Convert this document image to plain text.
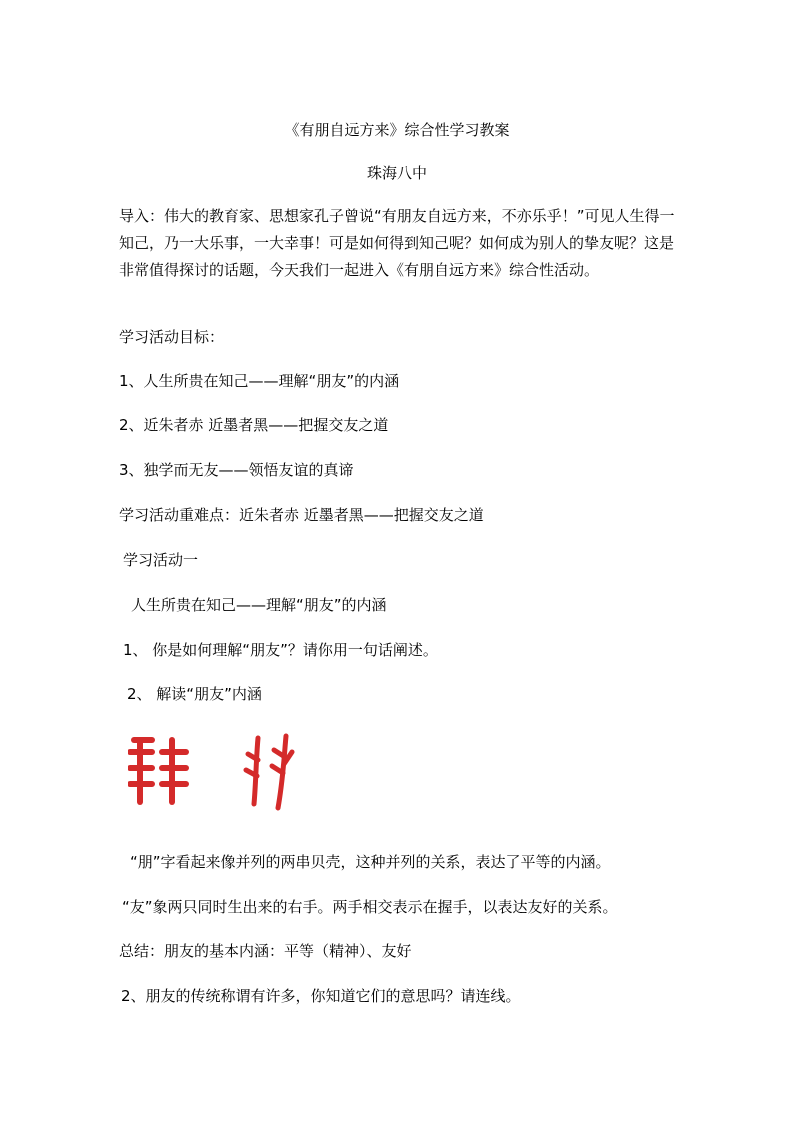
《有朋自远方来》综合性学习教案
珠海八中
导入：伟大的教育家、思想家孔子曾说“有朋友自远方来，不亦乐乎！”可见人生得一知己，乃一大乐事，一大幸事！可是如何得到知己呢？如何成为别人的挚友呢？这是非常值得探讨的话题，今天我们一起进入《有朋自远方来》综合性活动。
学习活动目标：
1、人生所贵在知己——理解“朋友”的内涵
2、近朱者赤 近墨者黑——把握交友之道
3、独学而无友——领悟友谊的真谛
学习活动重难点：近朱者赤 近墨者黑——把握交友之道
学习活动一
人生所贵在知己——理解“朋友”的内涵
1、 你是如何理解“朋友”？请你用一句话阐述。
2、 解读“朋友”内涵
“朋”字看起来像并列的两串贝壳，这种并列的关系，表达了平等的内涵。
“友”象两只同时生出来的右手。两手相交表示在握手，以表达友好的关系。
总结：朋友的基本内涵：平等（精神）、友好
2、朋友的传统称谓有许多，你知道它们的意思吗？请连线。
